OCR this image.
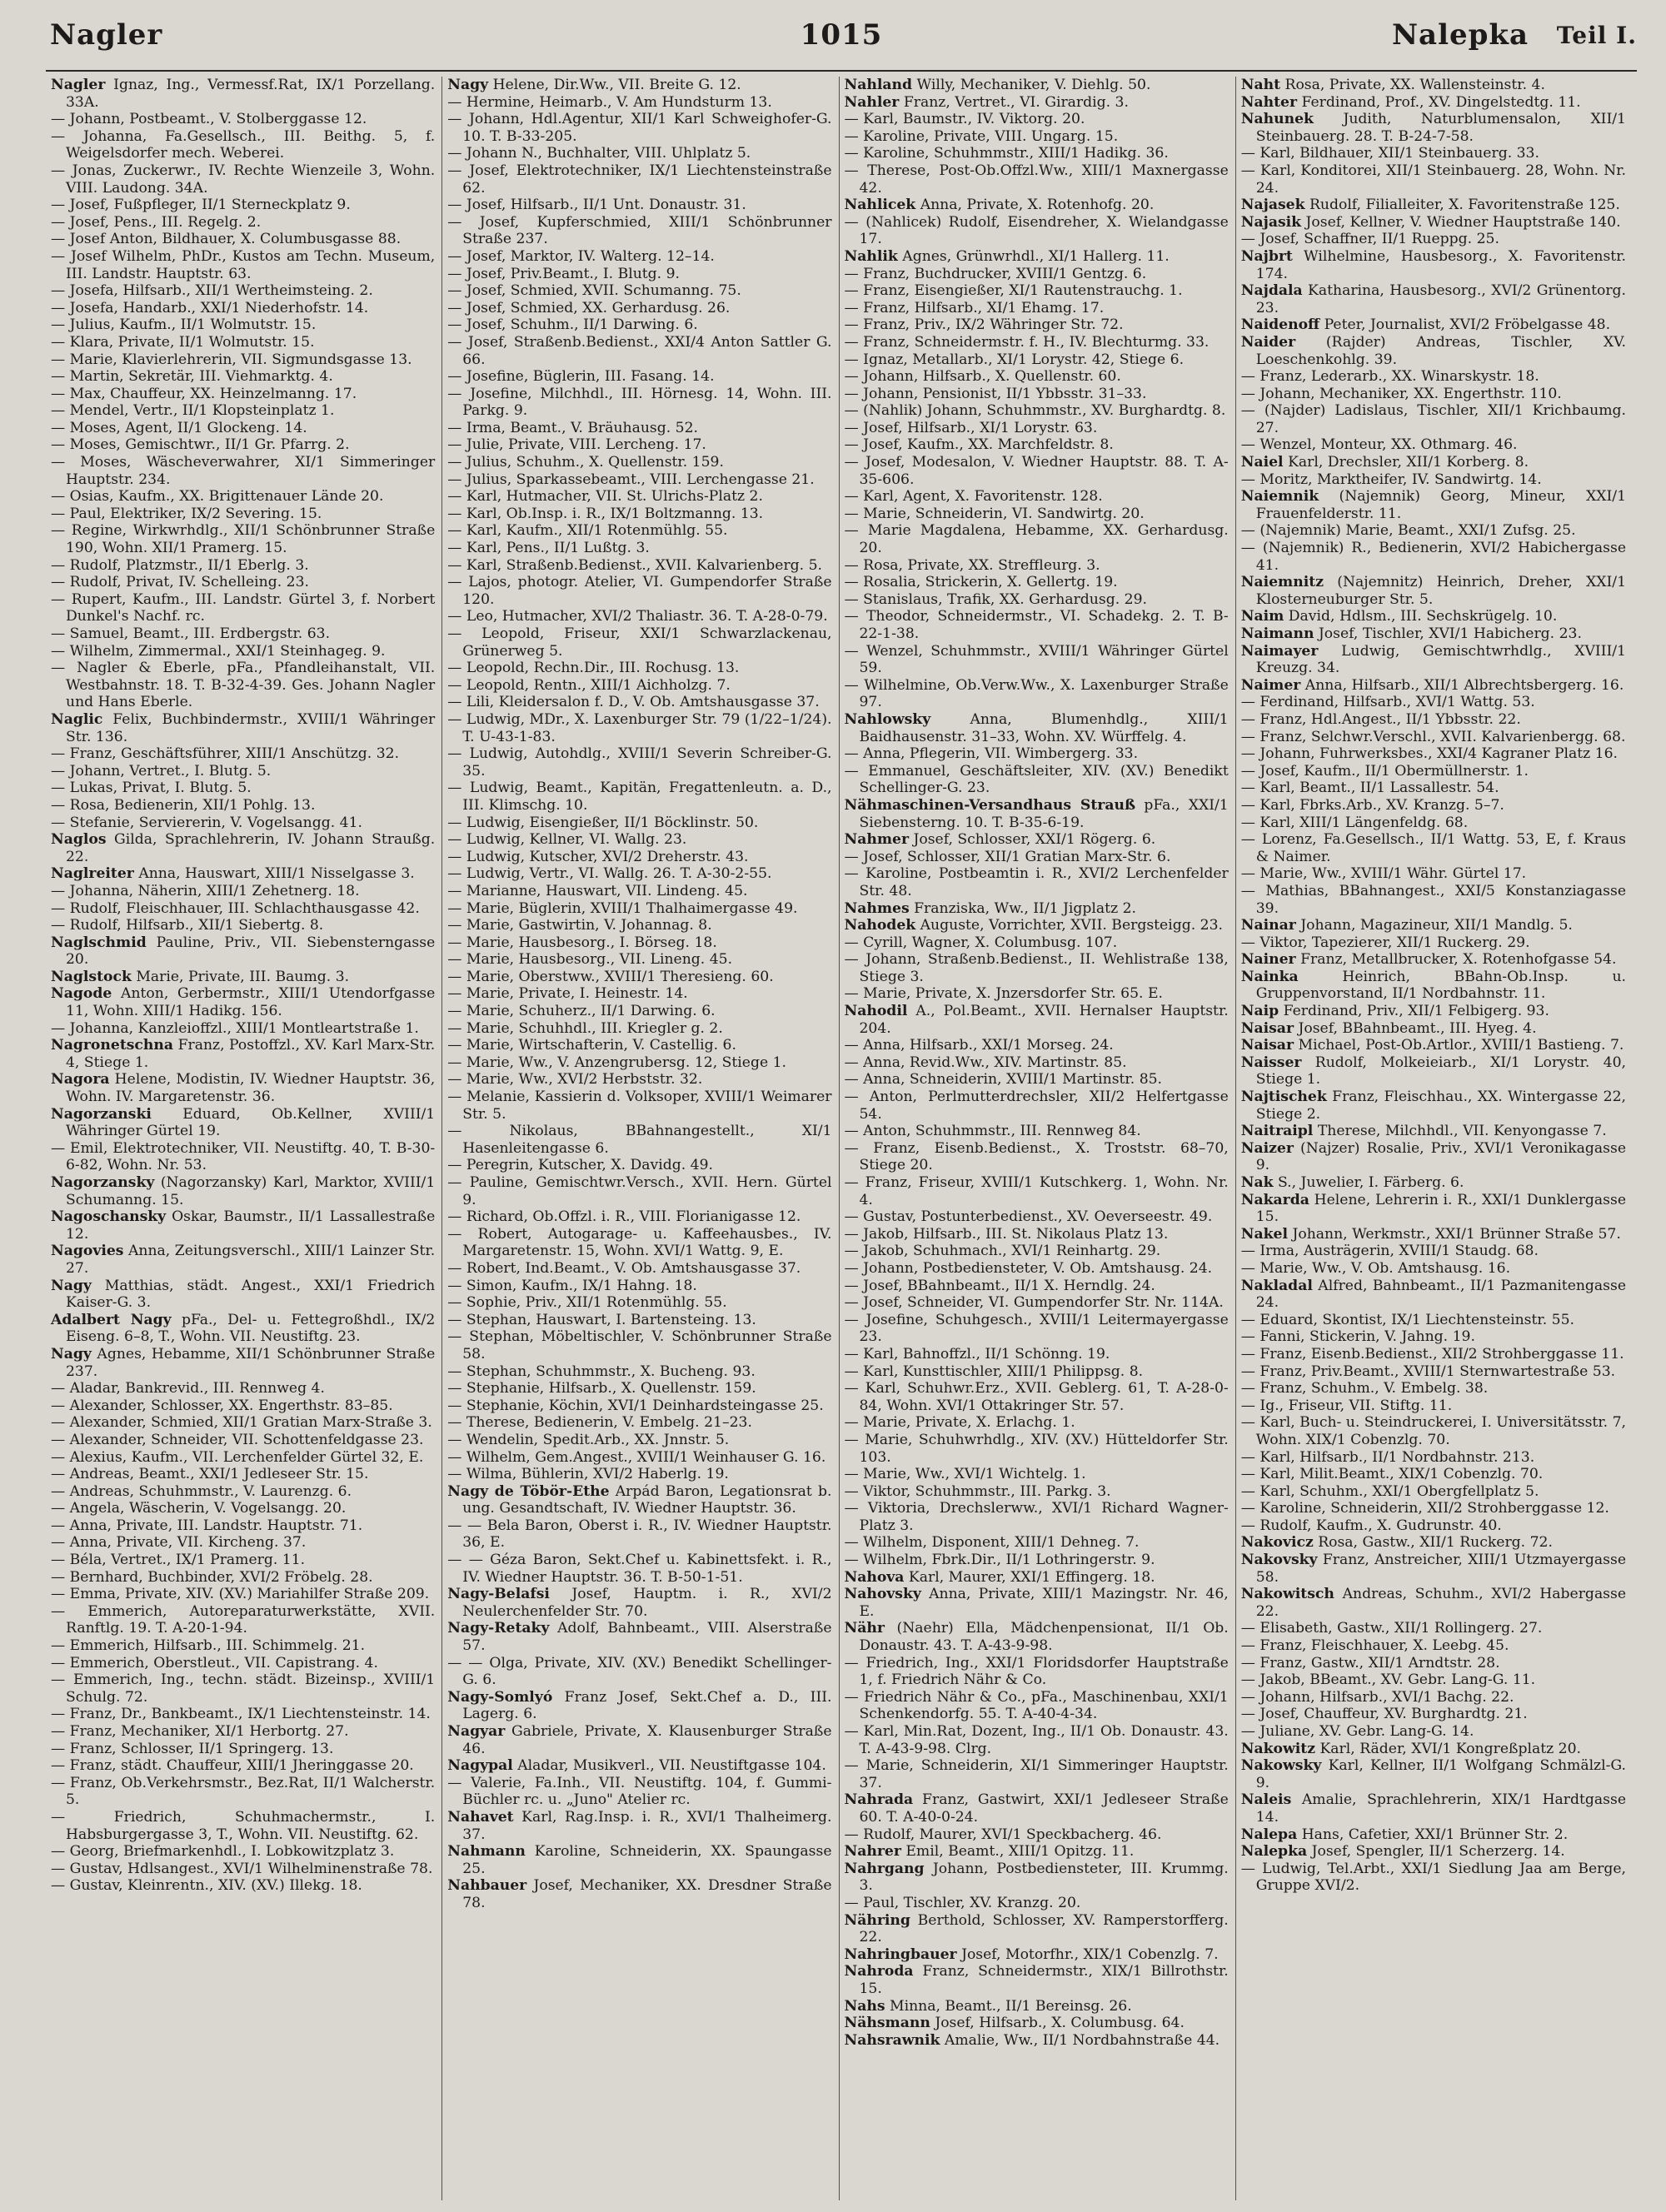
Nagler	1015	Nalepka Teil I.
Nagler Ignaz, Ing., Vermessf.Rat, IX/1 Porzellang. 33A.
— Johann, Postbeamt., V. Stolberggasse 12.
— Johanna, Fa.Gesellsch., III. Beithg. 5, f. Weigelsdorfer mech. Weberei.
— Jonas, Zuckerwr., IV. Rechte Wienzeile 3, Wohn. VIII. Laudong. 34A.
— Josef, Fußpfleger, II/1 Sterneckplatz 9.
— Josef, Pens., III. Regelg. 2.
— Josef Anton, Bildhauer, X. Columbusgasse 88.
— Josef Wilhelm, PhDr., Kustos am Techn. Museum, III. Landstr. Hauptstr. 63.
— Josefa, Hilfsarb., XII/1 Wertheimsteing. 2.
— Josefa, Handarb., XXI/1 Niederhofstr. 14.
— Julius, Kaufm., II/1 Wolmutstr. 15.
— Klara, Private, II/1 Wolmutstr. 15.
— Marie, Klavierlehrerin, VII. Sigmundsgasse 13.
— Martin, Sekretär, III. Viehmarktg. 4.
— Max, Chauffeur, XX. Heinzelmanng. 17.
— Mendel, Vertr., II/1 Klopsteinplatz 1.
— Moses, Agent, II/1 Glockeng. 14.
— Moses, Gemischtwr., II/1 Gr. Pfarrg. 2.
— Moses, Wäscheverwahrer, XI/1 Simmeringer Hauptstr. 234.
— Osias, Kaufm., XX. Brigittenauer Lände 20.
— Paul, Elektriker, IX/2 Severing. 15.
— Regine, Wirkwrhdlg., XII/1 Schönbrunner Straße 190, Wohn. XII/1 Pramerg. 15.
— Rudolf, Platzmstr., II/1 Eberlg. 3.
— Rudolf, Privat, IV. Schelleing. 23.
— Rupert, Kaufm., III. Landstr. Gürtel 3, f. Norbert Dunkel's Nachf. rc.
— Samuel, Beamt., III. Erdbergstr. 63.
— Wilhelm, Zimmermal., XXI/1 Steinhageg. 9.
— Nagler & Eberle, pFa., Pfandleihanstalt, VII. Westbahnstr. 18. T. B-32-4-39. Ges. Johann Nagler und Hans Eberle.
Naglic Felix, Buchbindermstr., XVIII/1 Währinger Str. 136.
— Franz, Geschäftsführer, XIII/1 Anschützg. 32.
— Johann, Vertret., I. Blutg. 5.
— Lukas, Privat, I. Blutg. 5.
— Rosa, Bedienerin, XII/1 Pohlg. 13.
— Stefanie, Serviererin, V. Vogelsangg. 41.
Naglos Gilda, Sprachlehrerin, IV. Johann Straußg. 22.
Naglreiter Anna, Hauswart, XIII/1 Nisselgasse 3.
— Johanna, Näherin, XIII/1 Zehetnerg. 18.
— Rudolf, Fleischhauer, III. Schlachthausgasse 42.
— Rudolf, Hilfsarb., XII/1 Siebertg. 8.
Naglschmid Pauline, Priv., VII. Siebensterngasse 20.
Naglstock Marie, Private, III. Baumg. 3.
Nagode Anton, Gerbermstr., XIII/1 Utendorfgasse 11, Wohn. XIII/1 Hadikg. 156.
— Johanna, Kanzleioffzl., XIII/1 Montleartstraße 1.
Nagronetschna Franz, Postoffzl., XV. Karl Marx-Str. 4, Stiege 1.
Nagora Helene, Modistin, IV. Wiedner Hauptstr. 36, Wohn. IV. Margaretenstr. 36.
Nagorzanski Eduard, Ob.Kellner, XVIII/1 Währinger Gürtel 19.
— Emil, Elektrotechniker, VII. Neustiftg. 40, T. B-30-6-82, Wohn. Nr. 53.
Nagorzansky (Nagorzansky) Karl, Marktor, XVIII/1 Schumanng. 15.
Nagoschansky Oskar, Baumstr., II/1 Lassallestraße 12.
Nagovies Anna, Zeitungsverschl., XIII/1 Lainzer Str. 27.
Nagy Matthias, städt. Angest., XXI/1 Friedrich Kaiser-G. 3.
Adalbert Nagy pFa., Del- u. Fettegroßhdl., IX/2 Eiseng. 6–8, T., Wohn. VII. Neustiftg. 23.
Nagy Agnes, Hebamme, XII/1 Schönbrunner Straße 237.
— Aladar, Bankrevid., III. Rennweg 4.
— Alexander, Schlosser, XX. Engerthstr. 83–85.
— Alexander, Schmied, XII/1 Gratian Marx-Straße 3.
— Alexander, Schneider, VII. Schottenfeldgasse 23.
— Alexius, Kaufm., VII. Lerchenfelder Gürtel 32, E.
— Andreas, Beamt., XXI/1 Jedleseer Str. 15.
— Andreas, Schuhmmstr., V. Laurenzg. 6.
— Angela, Wäscherin, V. Vogelsangg. 20.
— Anna, Private, III. Landstr. Hauptstr. 71.
— Anna, Private, VII. Kircheng. 37.
— Béla, Vertret., IX/1 Pramerg. 11.
— Bernhard, Buchbinder, XVI/2 Fröbelg. 28.
— Emma, Private, XIV. (XV.) Mariahilfer Straße 209.
— Emmerich, Autoreparaturwerkstätte, XVII. Ranftlg. 19. T. A-20-1-94.
— Emmerich, Hilfsarb., III. Schimmelg. 21.
— Emmerich, Oberstleut., VII. Capistrang. 4.
— Emmerich, Ing., techn. städt. Bizeinsp., XVIII/1 Schulg. 72.
— Franz, Dr., Bankbeamt., IX/1 Liechtensteinstr. 14.
— Franz, Mechaniker, XI/1 Herbortg. 27.
— Franz, Schlosser, II/1 Springerg. 13.
— Franz, städt. Chauffeur, XIII/1 Jheringgasse 20.
— Franz, Ob.Verkehrsmstr., Bez.Rat, II/1 Walcherstr. 5.
— Friedrich, Schuhmachermstr., I. Habsburgergasse 3, T., Wohn. VII. Neustiftg. 62.
— Georg, Briefmarkenhdl., I. Lobkowitzplatz 3.
— Gustav, Hdlsangest., XVI/1 Wilhelminenstraße 78.
— Gustav, Kleinrentn., XIV. (XV.) Illekg. 18.
Nagy Helene, Dir.Ww., VII. Breite G. 12.
— Hermine, Heimarb., V. Am Hundsturm 13.
— Johann, Hdl.Agentur, XII/1 Karl Schweighofer-G. 10. T. B-33-205.
— Johann N., Buchhalter, VIII. Uhlplatz 5.
— Josef, Elektrotechniker, IX/1 Liechtensteinstraße 62.
— Josef, Hilfsarb., II/1 Unt. Donaustr. 31.
— Josef, Kupferschmied, XIII/1 Schönbrunner Straße 237.
— Josef, Marktor, IV. Walterg. 12–14.
— Josef, Priv.Beamt., I. Blutg. 9.
— Josef, Schmied, XVII. Schumanng. 75.
— Josef, Schmied, XX. Gerhardusg. 26.
— Josef, Schuhm., II/1 Darwing. 6.
— Josef, Straßenb.Bedienst., XXI/4 Anton Sattler G. 66.
— Josefine, Büglerin, III. Fasang. 14.
— Josefine, Milchhdl., III. Hörnesg. 14, Wohn. III. Parkg. 9.
— Irma, Beamt., V. Bräuhausg. 52.
— Julie, Private, VIII. Lercheng. 17.
— Julius, Schuhm., X. Quellenstr. 159.
— Julius, Sparkassebeamt., VIII. Lerchengasse 21.
— Karl, Hutmacher, VII. St. Ulrichs-Platz 2.
— Karl, Ob.Insp. i. R., IX/1 Boltzmanng. 13.
— Karl, Kaufm., XII/1 Rotenmühlg. 55.
— Karl, Pens., II/1 Lußtg. 3.
— Karl, Straßenb.Bedienst., XVII. Kalvarienberg. 5.
— Lajos, photogr. Atelier, VI. Gumpendorfer Straße 120.
— Leo, Hutmacher, XVI/2 Thaliastr. 36. T. A-28-0-79.
— Leopold, Friseur, XXI/1 Schwarzlackenau, Grünerweg 5.
— Leopold, Rechn.Dir., III. Rochusg. 13.
— Leopold, Rentn., XIII/1 Aichholzg. 7.
— Lili, Kleidersalon f. D., V. Ob. Amtshausgasse 37.
— Ludwig, MDr., X. Laxenburger Str. 79 (1/22–1/24). T. U-43-1-83.
— Ludwig, Autohdlg., XVIII/1 Severin Schreiber-G. 35.
— Ludwig, Beamt., Kapitän, Fregattenleutn. a. D., III. Klimschg. 10.
— Ludwig, Eisengießer, II/1 Böcklinstr. 50.
— Ludwig, Kellner, VI. Wallg. 23.
— Ludwig, Kutscher, XVI/2 Dreherstr. 43.
— Ludwig, Vertr., VI. Wallg. 26. T. A-30-2-55.
— Marianne, Hauswart, VII. Lindeng. 45.
— Marie, Büglerin, XVIII/1 Thalhaimergasse 49.
— Marie, Gastwirtin, V. Johannag. 8.
— Marie, Hausbesorg., I. Börseg. 18.
— Marie, Hausbesorg., VII. Lineng. 45.
— Marie, Oberstww., XVIII/1 Theresieng. 60.
— Marie, Private, I. Heinestr. 14.
— Marie, Schuherz., II/1 Darwing. 6.
— Marie, Schuhhdl., III. Kriegler g. 2.
— Marie, Wirtschafterin, V. Castellig. 6.
— Marie, Ww., V. Anzengrubersg. 12, Stiege 1.
— Marie, Ww., XVI/2 Herbststr. 32.
— Melanie, Kassierin d. Volksoper, XVIII/1 Weimarer Str. 5.
— Nikolaus, BBahnangestellt., XI/1 Hasenleitengasse 6.
— Peregrin, Kutscher, X. Davidg. 49.
— Pauline, Gemischtwr.Versch., XVII. Hern. Gürtel 9.
— Richard, Ob.Offzl. i. R., VIII. Florianigasse 12.
— Robert, Autogarage- u. Kaffeehausbes., IV. Margaretenstr. 15, Wohn. XVI/1 Wattg. 9, E.
— Robert, Ind.Beamt., V. Ob. Amtshausgasse 37.
— Simon, Kaufm., IX/1 Hahng. 18.
— Sophie, Priv., XII/1 Rotenmühlg. 55.
— Stephan, Hauswart, I. Bartensteing. 13.
— Stephan, Möbeltischler, V. Schönbrunner Straße 58.
— Stephan, Schuhmmstr., X. Bucheng. 93.
— Stephanie, Hilfsarb., X. Quellenstr. 159.
— Stephanie, Köchin, XVI/1 Deinhardsteingasse 25.
— Therese, Bedienerin, V. Embelg. 21–23.
— Wendelin, Spedit.Arb., XX. Jnnstr. 5.
— Wilhelm, Gem.Angest., XVIII/1 Weinhauser G. 16.
— Wilma, Bühlerin, XVI/2 Haberlg. 19.
Nagy de Töbör-Ethe Arpád Baron, Legationsrat b. ung. Gesandtschaft, IV. Wiedner Hauptstr. 36.
— — Bela Baron, Oberst i. R., IV. Wiedner Hauptstr. 36, E.
— — Géza Baron, Sekt.Chef u. Kabinettsfekt. i. R., IV. Wiedner Hauptstr. 36. T. B-50-1-51.
Nagy-Belafsi Josef, Hauptm. i. R., XVI/2 Neulerchenfelder Str. 70.
Nagy-Retaky Adolf, Bahnbeamt., VIII. Alserstraße 57.
— — Olga, Private, XIV. (XV.) Benedikt Schellinger-G. 6.
Nagy-Somlyó Franz Josef, Sekt.Chef a. D., III. Lagerg. 6.
Nagyar Gabriele, Private, X. Klausenburger Straße 46.
Nagypal Aladar, Musikverl., VII. Neustiftgasse 104.
— Valerie, Fa.Inh., VII. Neustiftg. 104, f. Gummi-Büchler rc. u. „Juno" Atelier rc.
Nahavet Karl, Rag.Insp. i. R., XVI/1 Thalheimerg. 37.
Nahmann Karoline, Schneiderin, XX. Spaungasse 25.
Nahbauer Josef, Mechaniker, XX. Dresdner Straße 78.
Nahland Willy, Mechaniker, V. Diehlg. 50.
Nahler Franz, Vertret., VI. Girardig. 3.
— Karl, Baumstr., IV. Viktorg. 20.
— Karoline, Private, VIII. Ungarg. 15.
— Karoline, Schuhmmstr., XIII/1 Hadikg. 36.
— Therese, Post-Ob.Offzl.Ww., XIII/1 Maxnergasse 42.
Nahlicek Anna, Private, X. Rotenhofg. 20.
— (Nahlicek) Rudolf, Eisendreher, X. Wielandgasse 17.
Nahlik Agnes, Grünwrhdl., XI/1 Hallerg. 11.
— Franz, Buchdrucker, XVIII/1 Gentzg. 6.
— Franz, Eisengießer, XI/1 Rautenstrauchg. 1.
— Franz, Hilfsarb., XI/1 Ehamg. 17.
— Franz, Priv., IX/2 Währinger Str. 72.
— Franz, Schneidermstr. f. H., IV. Blechturmg. 33.
— Ignaz, Metallarb., XI/1 Lorystr. 42, Stiege 6.
— Johann, Hilfsarb., X. Quellenstr. 60.
— Johann, Pensionist, II/1 Ybbsstr. 31–33.
— (Nahlik) Johann, Schuhmmstr., XV. Burghardtg. 8.
— Josef, Hilfsarb., XI/1 Lorystr. 63.
— Josef, Kaufm., XX. Marchfeldstr. 8.
— Josef, Modesalon, V. Wiedner Hauptstr. 88. T. A-35-606.
— Karl, Agent, X. Favoritenstr. 128.
— Marie, Schneiderin, VI. Sandwirtg. 20.
— Marie Magdalena, Hebamme, XX. Gerhardusg. 20.
— Rosa, Private, XX. Streffleurg. 3.
— Rosalia, Strickerin, X. Gellertg. 19.
— Stanislaus, Trafik, XX. Gerhardusg. 29.
— Theodor, Schneidermstr., VI. Schadekg. 2. T. B-22-1-38.
— Wenzel, Schuhmmstr., XVIII/1 Währinger Gürtel 59.
— Wilhelmine, Ob.Verw.Ww., X. Laxenburger Straße 97.
Nahlowsky	Anna, Blumenhdlg., XIII/1 Baidhausenstr. 31–33, Wohn. XV. Würffelg. 4.
— Anna, Pflegerin, VII. Wimbergerg. 33.
— Emmanuel, Geschäftsleiter, XIV. (XV.) Benedikt Schellinger-G. 23.
Nähmaschinen-Versandhaus Strauß pFa., XXI/1 Siebensterng. 10. T. B-35-6-19.
Nahmer Josef, Schlosser, XXI/1 Rögerg. 6.
— Josef, Schlosser, XII/1 Gratian Marx-Str. 6.
— Karoline, Postbeamtin i. R., XVI/2 Lerchenfelder Str. 48.
Nahmes Franziska, Ww., II/1 Jigplatz 2.
Nahodek Auguste, Vorrichter, XVII. Bergsteigg. 23.
— Cyrill, Wagner, X. Columbusg. 107.
— Johann, Straßenb.Bedienst., II. Wehlistraße 138, Stiege 3.
— Marie, Private, X. Jnzersdorfer Str. 65. E.
Nahodil A., Pol.Beamt., XVII. Hernalser Hauptstr. 204.
— Anna, Hilfsarb., XXI/1 Morseg. 24.
— Anna, Revid.Ww., XIV. Martinstr. 85.
— Anna, Schneiderin, XVIII/1 Martinstr. 85.
— Anton, Perlmutterdrechsler, XII/2 Helfertgasse 54.
— Anton, Schuhmmstr., III. Rennweg 84.
— Franz, Eisenb.Bedienst., X. Troststr. 68–70, Stiege 20.
— Franz, Friseur, XVIII/1 Kutschkerg. 1, Wohn. Nr. 4.
— Gustav, Postunterbedienst., XV. Oeverseestr. 49.
— Jakob, Hilfsarb., III. St. Nikolaus Platz 13.
— Jakob, Schuhmach., XVI/1 Reinhartg. 29.
— Johann, Postbediensteter, V. Ob. Amtshausg. 24.
— Josef, BBahnbeamt., II/1 X. Herndlg. 24.
— Josef, Schneider, VI. Gumpendorfer Str. Nr. 114A.
— Josefine, Schuhgesch., XVIII/1 Leitermayergasse 23.
— Karl, Bahnoffzl., II/1 Schönng. 19.
— Karl, Kunsttischler, XIII/1 Philippsg. 8.
— Karl, Schuhwr.Erz., XVII. Geblerg. 61, T. A-28-0-84, Wohn. XVI/1 Ottakringer Str. 57.
— Marie, Private, X. Erlachg. 1.
— Marie, Schuhwrhdlg., XIV. (XV.) Hütteldorfer Str. 103.
— Marie, Ww., XVI/1 Wichtelg. 1.
— Viktor, Schuhmmstr., III. Parkg. 3.
— Viktoria, Drechslerww., XVI/1 Richard Wagner-Platz 3.
— Wilhelm, Disponent, XIII/1 Dehneg. 7.
— Wilhelm, Fbrk.Dir., II/1 Lothringerstr. 9.
Nahova Karl, Maurer, XXI/1 Effingerg. 18.
Nahovsky Anna, Private, XIII/1 Mazingstr. Nr. 46, E.
Nähr (Naehr) Ella, Mädchenpensionat, II/1 Ob. Donaustr. 43. T. A-43-9-98.
— Friedrich, Ing., XXI/1 Floridsdorfer Hauptstraße 1, f. Friedrich Nähr & Co.
— Friedrich Nähr & Co., pFa., Maschinenbau, XXI/1 Schenkendorfg. 55. T. A-40-4-34.
— Karl, Min.Rat, Dozent, Ing., II/1 Ob. Donaustr. 43. T. A-43-9-98. Clrg.
— Marie, Schneiderin, XI/1 Simmeringer Hauptstr. 37.
Nahrada Franz, Gastwirt, XXI/1 Jedleseer Straße 60. T. A-40-0-24.
— Rudolf, Maurer, XVI/1 Speckbacherg. 46.
Nahrer Emil, Beamt., XIII/1 Opitzg. 11.
Nahrgang Johann, Postbediensteter, III. Krummg. 3.
— Paul, Tischler, XV. Kranzg. 20.
Nähring Berthold, Schlosser, XV. Ramperstorfferg. 22.
Nahringbauer Josef, Motorfhr., XIX/1 Cobenzlg. 7.
Nahroda Franz, Schneidermstr., XIX/1 Billrothstr. 15.
Nahs Minna, Beamt., II/1 Bereinsg. 26.
Nähsmann Josef, Hilfsarb., X. Columbusg. 64.
Nahsrawnik Amalie, Ww., II/1 Nordbahnstraße 44.
Naht Rosa, Private, XX. Wallensteinstr. 4.
Nahter Ferdinand, Prof., XV. Dingelstedtg. 11.
Nahunek Judith, Naturblumensalon, XII/1 Steinbauerg. 28. T. B-24-7-58.
— Karl, Bildhauer, XII/1 Steinbauerg. 33.
— Karl, Konditorei, XII/1 Steinbauerg. 28, Wohn. Nr. 24.
Najasek Rudolf, Filialleiter, X. Favoritenstraße 125.
Najasik Josef, Kellner, V. Wiedner Hauptstraße 140.
— Josef, Schaffner, II/1 Rueppg. 25.
Najbrt Wilhelmine, Hausbesorg., X. Favoritenstr. 174.
Najdala Katharina, Hausbesorg., XVI/2 Grünentorg. 23.
Naidenoff Peter, Journalist, XVI/2 Fröbelgasse 48.
Naider (Rajder) Andreas, Tischler, XV. Loeschenkohlg. 39.
— Franz, Lederarb., XX. Winarskystr. 18.
— Johann, Mechaniker, XX. Engerthstr. 110.
— (Najder) Ladislaus, Tischler, XII/1 Krichbaumg. 27.
— Wenzel, Monteur, XX. Othmarg. 46.
Naiel Karl, Drechsler, XII/1 Korberg. 8.
— Moritz, Marktheifer, IV. Sandwirtg. 14.
Naiemnik (Najemnik) Georg, Mineur, XXI/1 Frauenfelderstr. 11.
— (Najemnik) Marie, Beamt., XXI/1 Zufsg. 25.
— (Najemnik) R., Bedienerin, XVI/2 Habichergasse 41.
Naiemnitz (Najemnitz) Heinrich, Dreher, XXI/1 Klosterneuburger Str. 5.
Naim David, Hdlsm., III. Sechskrügelg. 10.
Naimann Josef, Tischler, XVI/1 Habicherg. 23.
Naimayer Ludwig, Gemischtwrhdlg., XVIII/1 Kreuzg. 34.
Naimer Anna, Hilfsarb., XII/1 Albrechtsbergerg. 16.
— Ferdinand, Hilfsarb., XVI/1 Wattg. 53.
— Franz, Hdl.Angest., II/1 Ybbsstr. 22.
— Franz, Selchwr.Verschl., XVII. Kalvarienbergg. 68.
— Johann, Fuhrwerksbes., XXI/4 Kagraner Platz 16.
— Josef, Kaufm., II/1 Obermüllnerstr. 1.
— Karl, Beamt., II/1 Lassallestr. 54.
— Karl, Fbrks.Arb., XV. Kranzg. 5–7.
— Karl, XIII/1 Längenfeldg. 68.
— Lorenz, Fa.Gesellsch., II/1 Wattg. 53, E, f. Kraus & Naimer.
— Marie, Ww., XVIII/1 Währ. Gürtel 17.
— Mathias, BBahnangest., XXI/5 Konstanziagasse 39.
Nainar Johann, Magazineur, XII/1 Mandlg. 5.
— Viktor, Tapezierer, XII/1 Ruckerg. 29.
Nainer Franz, Metallbrucker, X. Rotenhofgasse 54.
Nainka	Heinrich, BBahn-Ob.Insp. u. Gruppenvorstand, II/1 Nordbahnstr. 11.
Naip Ferdinand, Priv., XII/1 Felbigerg. 93.
Naisar Josef, BBahnbeamt., III. Hyeg. 4.
Naisar Michael, Post-Ob.Artlor., XVIII/1 Bastieng. 7.
Naisser Rudolf, Molkeieiarb., XI/1 Lorystr. 40, Stiege 1.
Najtischek Franz, Fleischhau., XX. Wintergasse 22, Stiege 2.
Naitraipl Therese, Milchhdl., VII. Kenyongasse 7.
Naizer (Najzer) Rosalie, Priv., XVI/1 Veronikagasse 9.
Nak S., Juwelier, I. Färberg. 6.
Nakarda Helene, Lehrerin i. R., XXI/1 Dunklergasse 15.
Nakel Johann, Werkmstr., XXI/1 Brünner Straße 57.
— Irma, Austrägerin, XVIII/1 Staudg. 68.
— Marie, Ww., V. Ob. Amtshausg. 16.
Nakladal Alfred, Bahnbeamt., II/1 Pazmanitengasse 24.
— Eduard, Skontist, IX/1 Liechtensteinstr. 55.
— Fanni, Stickerin, V. Jahng. 19.
— Franz, Eisenb.Bedienst., XII/2 Strohberggasse 11.
— Franz, Priv.Beamt., XVIII/1 Sternwartestraße 53.
— Franz, Schuhm., V. Embelg. 38.
— Ig., Friseur, VII. Stiftg. 11.
— Karl, Buch- u. Steindruckerei, I. Universitätsstr. 7, Wohn. XIX/1 Cobenzlg. 70.
— Karl, Hilfsarb., II/1 Nordbahnstr. 213.
— Karl, Milit.Beamt., XIX/1 Cobenzlg. 70.
— Karl, Schuhm., XXI/1 Obergfellplatz 5.
— Karoline, Schneiderin, XII/2 Strohberggasse 12.
— Rudolf, Kaufm., X. Gudrunstr. 40.
Nakovicz Rosa, Gastw., XII/1 Ruckerg. 72.
Nakovsky Franz, Anstreicher, XIII/1 Utzmayergasse 58.
Nakowitsch Andreas, Schuhm., XVI/2 Habergasse 22.
— Elisabeth, Gastw., XII/1 Rollingerg. 27.
— Franz, Fleischhauer, X. Leebg. 45.
— Franz, Gastw., XII/1 Arndtstr. 28.
— Jakob, BBeamt., XV. Gebr. Lang-G. 11.
— Johann, Hilfsarb., XVI/1 Bachg. 22.
— Josef, Chauffeur, XV. Burghardtg. 21.
— Juliane, XV. Gebr. Lang-G. 14.
Nakowitz Karl, Räder, XVI/1 Kongreßplatz 20.
Nakowsky Karl, Kellner, II/1 Wolfgang Schmälzl-G. 9.
Naleis Amalie, Sprachlehrerin, XIX/1 Hardtgasse 14.
Nalepa Hans, Cafetier, XXI/1 Brünner Str. 2.
Nalepka Josef, Spengler, II/1 Scherzerg. 14.
— Ludwig, Tel.Arbt., XXI/1 Siedlung Jaa am Berge, Gruppe XVI/2.
